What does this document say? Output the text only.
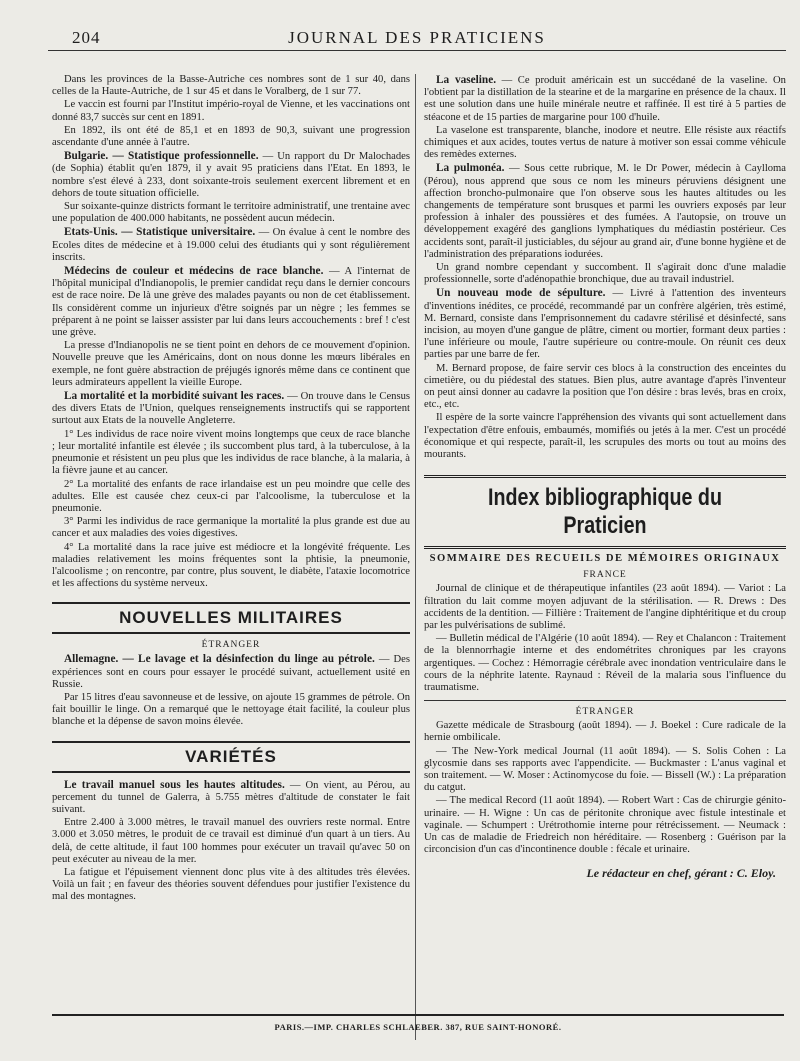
204	JOURNAL DES PRATICIENS

Dans les provinces de la Basse-Autriche ces nombres sont de 1 sur 40, dans celles de la Haute-Autriche, de 1 sur 45 et dans le Voralberg, de 1 sur 77.

Le vaccin est fourni par l'Institut império-royal de Vienne, et les vaccinations ont donné 83,7 succès sur cent en 1891.

En 1892, ils ont été de 85,1 et en 1893 de 90,3, suivant une progression ascendante d'une année à l'autre.

Bulgarie. — Statistique professionnelle. — Un rapport du Dr Malochades (de Sophia) établit qu'en 1879, il y avait 95 praticiens dans l'Etat. En 1893, le nombre s'est élevé à 233, dont soixante-trois seulement exercent librement et en dehors de toute situation officielle.

Sur soixante-quinze districts formant le territoire administratif, une trentaine avec une population de 400.000 habitants, ne possèdent aucun médecin.

Etats-Unis. — Statistique universitaire. — On évalue à cent le nombre des Ecoles dites de médecine et à 19.000 celui des étudiants qui y sont régulièrement inscrits.

Médecins de couleur et médecins de race blanche. — A l'internat de l'hôpital municipal d'Indianopolis, le premier candidat reçu dans le dernier concours est de race noire. De là une grève des malades payants ou non de cet établissement. Ils considèrent comme un injurieux d'être soignés par un nègre ; les femmes se préparent à ne point se laisser assister par lui dans leurs accouchements : bref ! c'est une grève.

La presse d'Indianopolis ne se tient point en dehors de ce mouvement d'opinion. Nouvelle preuve que les Américains, dont on nous donne les mœurs libérales en exemple, ne font guère abstraction de préjugés ignorés même dans ce continent que leurs admirateurs appellent la vieille Europe.

La mortalité et la morbidité suivant les races. — On trouve dans le Census des divers Etats de l'Union, quelques renseignements instructifs qui se rapportent surtout aux Etats de la nouvelle Angleterre.

1° Les individus de race noire vivent moins longtemps que ceux de race blanche ; leur mortalité infantile est élevée ; ils succombent plus tard, à la tuberculose, à la pneumonie et résistent un peu plus que les individus de race blanche, à la malaria, à la fièvre jaune et au cancer.

2° La mortalité des enfants de race irlandaise est un peu moindre que celle des adultes. Elle est causée chez ceux-ci par l'alcoolisme, la tuberculose et la pneumonie.

3° Parmi les individus de race germanique la mortalité la plus grande est due au cancer et aux maladies des voies digestives.

4° La mortalité dans la race juive est médiocre et la longévité fréquente. Les maladies relativement les moins fréquentes sont la phtisie, la pneumonie, l'alcoolisme ; on rencontre, par contre, plus souvent, le diabète, l'ataxie locomotrice et les affections du système nerveux.

NOUVELLES MILITAIRES
ÉTRANGER

Allemagne. — Le lavage et la désinfection du linge au pétrole. — Des expériences sont en cours pour essayer le procédé suivant, actuellement usité en Russie.

Par 15 litres d'eau savonneuse et de lessive, on ajoute 15 grammes de pétrole. On fait bouillir le linge. On a remarqué que le nettoyage était facilité, la couleur plus blanche et la dépense de savon moins élevée.

VARIÉTÉS

Le travail manuel sous les hautes altitudes. — On vient, au Pérou, au percement du tunnel de Galerra, à 5.755 mètres d'altitude de constater le fait suivant.

Entre 2.400 à 3.000 mètres, le travail manuel des ouvriers reste normal. Entre 3.000 et 3.050 mètres, le produit de ce travail est diminué d'un quart à un tiers. Au delà, de cette altitude, il faut 100 hommes pour exécuter un travail qu'avec 50 on peut exécuter au niveau de la mer.

La fatigue et l'épuisement viennent donc plus vite à des altitudes très élevées. Voilà un fait ; en faveur des théories souvent défendues pour justifier l'existence du mal des montagnes.

La vaseline. — Ce produit américain est un succédané de la vaseline. On l'obtient par la distillation de la stearine et de la margarine en présence de la chaux. Il est une solution dans une huile minérale neutre et raffinée. Il est tiré à 5 parties de stéacone et de 15 parties de margarine pour 100 d'huile.

La vaselone est transparente, blanche, inodore et neutre. Elle résiste aux réactifs chimiques et aux acides, toutes vertus de nature à motiver son essai comme véhicule des remèdes externes.

La pulmonéa. — Sous cette rubrique, M. le Dr Power, médecin à Caylloma (Pérou), nous apprend que sous ce nom les mineurs péruviens désignent une affection broncho-pulmonaire que l'on observe sous les hautes altitudes ou les changements de température sont brusques et parmi les ouvriers exposés par leur profession à inhaler des poussières et des fumées. A l'autopsie, on trouve un développement exagéré des ganglions lymphatiques du médiastin postérieur. Ces accidents sont, paraît-il justiciables, du séjour au grand air, d'une bonne hygiène et de l'administration des préparations iodurées.

Un grand nombre cependant y succombent. Il s'agirait donc d'une maladie professionnelle, sorte d'adénopathie bronchique, due au travail industriel.

Un nouveau mode de sépulture. — Livré à l'attention des inventeurs d'inventions inédites, ce procédé, recommandé par un confrère algérien, très estimé, M. Bernard, consiste dans l'emprisonnement du cadavre stérilisé et désinfecté, sans incision, au moyen d'une gangue de plâtre, ciment ou mortier, formant deux parties : l'une inférieure ou moule, l'autre supérieure ou contre-moule. On réunit ces deux parties par une barre de fer.

M. Bernard propose, de faire servir ces blocs à la construction des enceintes du cimetière, ou du piédestal des statues. Bien plus, autre avantage d'après l'inventeur on peut ainsi donner au cadavre la position que l'on désire : bras levés, bras en croix, etc., etc.

Il espère de la sorte vaincre l'appréhension des vivants qui sont actuellement dans l'expectation d'être enfouis, embaumés, momifiés ou jetés à la mer. C'est un procédé économique et qui respecte, paraît-il, les scrupules des morts ou tout au moins des mourants.

Index bibliographique du Praticien
SOMMAIRE DES RECUEILS DE MÉMOIRES ORIGINAUX
FRANCE

Journal de clinique et de thérapeutique infantiles (23 août 1894). — Variot : La filtration du lait comme moyen adjuvant de la stérilisation. — R. Drews : Des accidents de la dentition. — Fillière : Traitement de l'angine diphtéritique et du croup par les pulvérisations de sublimé.

— Bulletin médical de l'Algérie (10 août 1894). — Rey et Chalancon : Traitement de la blennorrhagie interne et des endométrites chroniques par les crayons argentiques. — Cochez : Hémorragie cérébrale avec inondation ventriculaire dans le cours de la néphrite latente. Raynaud : Réveil de la malaria sous l'influence du traumatisme.

ÉTRANGER

Gazette médicale de Strasbourg (août 1894). — J. Boekel : Cure radicale de la hernie ombilicale.

— The New-York medical Journal (11 août 1894). — S. Solis Cohen : La glycosmie dans ses rapports avec l'appendicite. — Buckmaster : L'anus vaginal et son traitement. — W. Moser : Actinomycose du foie. — Bissell (W.) : La préparation du catgut.

— The medical Record (11 août 1894). — Robert Wart : Cas de chirurgie génito-urinaire. — H. Wigne : Un cas de péritonite chronique avec fistule intestinale et vaginale. — Schumpert : Urétrothomie interne pour rétrécissement. — Neumack : Un cas de maladie de Friedreich non héréditaire. — Rosenberg : Guérison par la circoncision d'un cas d'incontinence double : fécale et urinaire.

Le rédacteur en chef, gérant : C. Eloy.
PARIS.—IMP. CHARLES SCHLAEBER. 387, RUE SAINT-HONORÉ.
